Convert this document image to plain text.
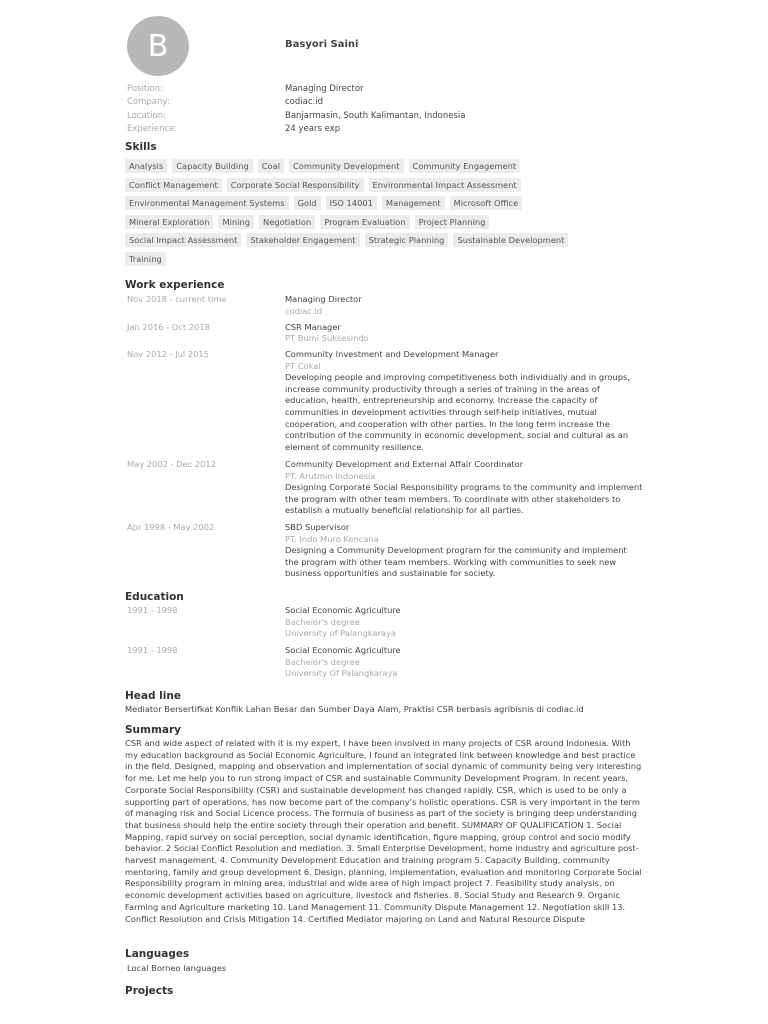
B	Basyori Saini
Position:	Managing Director
Company:	codiac.id
Location:	Banjarmasin, South Kalimantan, Indonesia
Experience:	24 years exp
Skills
Analysis	Capacity Building	Coal	Community Development	Community Engagement
Conflict Management	Corporate Social Responsibility	Environmental Impact Assessment
Environmental Management Systems	Gold	ISO 14001	Management	Microsoft Office
Mineral Exploration	Mining	Negotiation	Program Evaluation	Project Planning
Social Impact Assessment	Stakeholder Engagement	Strategic Planning	Sustainable Development
Training
Work experience
Nov 2018 - current time	Managing Director
codiac.id
Jan 2016 - Oct 2018	CSR Manager
PT Bumi Suksesindo
Nov 2012 - Jul 2015	Community Investment and Development Manager
PT Cokal
Developing people and improving competitiveness both individually and in groups, increase community productivity through a series of training in the areas of education, health, entrepreneurship and economy. Increase the capacity of communities in development activities through self-help initiatives, mutual cooperation, and cooperation with other parties. In the long term increase the contribution of the community in economic development, social and cultural as an element of community resilience.
May 2002 - Dec 2012	Community Development and External Affair Coordinator
PT. Arutmin Indonesia
Designing Corporate Social Responsibility programs to the community and implement the program with other team members. To coordinate with other stakeholders to establish a mutually beneficial relationship for all parties.
Apr 1998 - May 2002	SBD Supervisor
PT. Indo Muro Kencana
Designing a Community Development program for the community and implement the program with other team members. Working with communities to seek new business opportunities and sustainable for society.
Education
1991 - 1998	Social Economic Agriculture
Bachelor's degree
University of Palangkaraya
1991 - 1998	Social Economic Agriculture
Bachelor's degree
University Of Palangkaraya
Head line
Mediator Bersertifkat Konflik Lahan Besar dan Sumber Daya Alam, Praktisi CSR berbasis agribisnis di codiac.id
Summary
CSR and wide aspect of related with it is my expert, I have been involved in many projects of CSR around Indonesia. With my education background as Social Economic Agriculture, I found an integrated link between knowledge and best practice in the field. Designed, mapping and observation and implementation of social dynamic of community being very interesting for me. Let me help you to run strong impact of CSR and sustainable Community Development Program. In recent years, Corporate Social Responsibility (CSR) and sustainable development has changed rapidly. CSR, which is used to be only a supporting part of operations, has now become part of the company's holistic operations. CSR is very important in the term of managing risk and Social Licence process. The formula of business as part of the society is bringing deep understanding that business should help the entire society through their operation and benefit. SUMMARY OF QUALIFICATION 1. Social Mapping, rapid survey on social perception, social dynamic identification, figure mapping, group control and socio modify behavior. 2 Social Conflict Resolution and mediation. 3. Small Enterprise Development, home industry and agriculture post-harvest management. 4. Community Development Education and training program 5. Capacity Building, community mentoring, family and group development 6. Design, planning, implementation, evaluation and monitoring Corporate Social Responsibility program in mining area, industrial and wide area of high impact project 7. Feasibility study analysis, on economic development activities based on agriculture, livestock and fisheries. 8. Social Study and Research 9. Organic Farming and Agriculture marketing 10. Land Management 11. Community Dispute Management 12. Negotiation skill 13. Conflict Resolution and Crisis Mitigation 14. Certified Mediator majoring on Land and Natural Resource Dispute
Languages
Local Borneo languages
Projects
